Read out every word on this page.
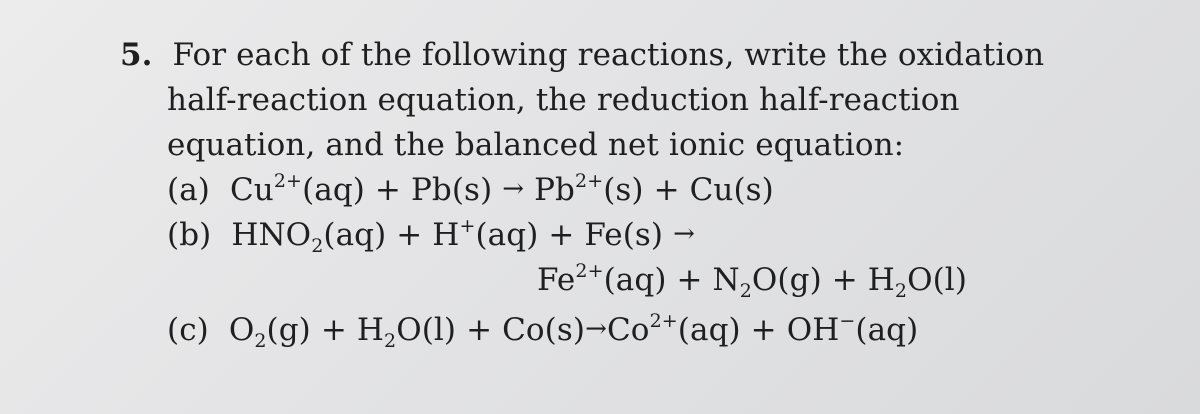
5. For each of the following reactions, write the oxidation
half-reaction equation, the reduction half-reaction
equation, and the balanced net ionic equation:
(a) $Cu^{2+}(aq) + Pb(s) \to Pb^{2+}(s) + Cu(s)$
(b) $HNO_2(aq) + H^+(aq) + Fe(s)$ →
$Fe^{2+}(aq) + N_2O(g) + H_2O(l)$
(c) $O_2(g) + H_2O(l) + Co(s)\to Co^{2+}(aq) + OH^-(aq)$
